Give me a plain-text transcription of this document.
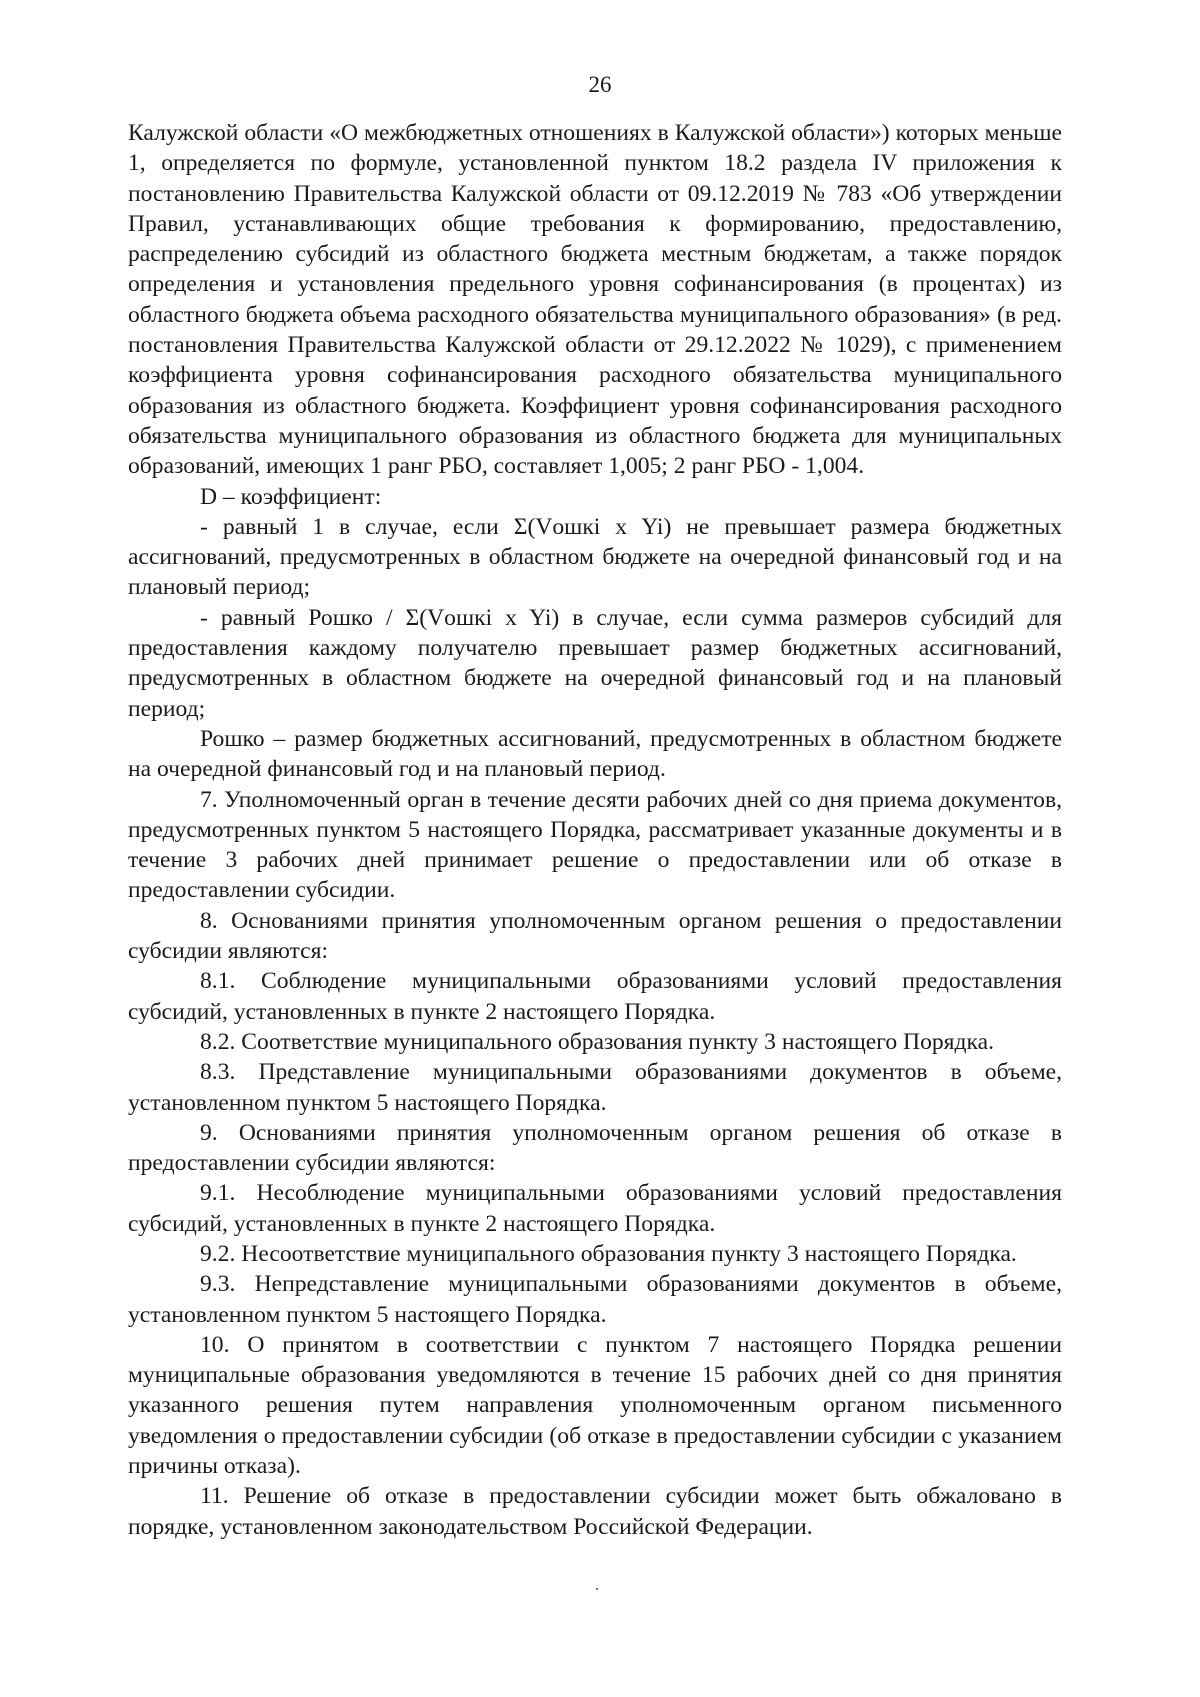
26

Калужской области «О межбюджетных отношениях в Калужской области») которых меньше 1, определяется по формуле, установленной пунктом 18.2 раздела IV приложения к постановлению Правительства Калужской области от 09.12.2019 № 783 «Об утверждении Правил, устанавливающих общие требования к формированию, предоставлению, распределению субсидий из областного бюджета местным бюджетам, а также порядок определения и установления предельного уровня софинансирования (в процентах) из областного бюджета объема расходного обязательства муниципального образования» (в ред. постановления Правительства Калужской области от 29.12.2022 № 1029), с применением коэффициента уровня софинансирования расходного обязательства муниципального образования из областного бюджета. Коэффициент уровня софинансирования расходного обязательства муниципального образования из областного бюджета для муниципальных образований, имеющих 1 ранг РБО, составляет 1,005; 2 ранг РБО - 1,004.

D – коэффициент:

- равный 1 в случае, если Σ(Vошкi x Yi) не превышает размера бюджетных ассигнований, предусмотренных в областном бюджете на очередной финансовый год и на плановый период;

- равный Рошко / Σ(Vошкi x Yi) в случае, если сумма размеров субсидий для предоставления каждому получателю превышает размер бюджетных ассигнований, предусмотренных в областном бюджете на очередной финансовый год и на плановый период;

Рошко – размер бюджетных ассигнований, предусмотренных в областном бюджете на очередной финансовый год и на плановый период.

7. Уполномоченный орган в течение десяти рабочих дней со дня приема документов, предусмотренных пунктом 5 настоящего Порядка, рассматривает указанные документы и в течение 3 рабочих дней принимает решение о предоставлении или об отказе в предоставлении субсидии.

8. Основаниями принятия уполномоченным органом решения о предоставлении субсидии являются:

8.1. Соблюдение муниципальными образованиями условий предоставления субсидий, установленных в пункте 2 настоящего Порядка.

8.2. Соответствие муниципального образования пункту 3 настоящего Порядка.

8.3. Представление муниципальными образованиями документов в объеме, установленном пунктом 5 настоящего Порядка.

9. Основаниями принятия уполномоченным органом решения об отказе в предоставлении субсидии являются:

9.1. Несоблюдение муниципальными образованиями условий предоставления субсидий, установленных в пункте 2 настоящего Порядка.

9.2. Несоответствие муниципального образования пункту 3 настоящего Порядка.

9.3. Непредставление муниципальными образованиями документов в объеме, установленном пунктом 5 настоящего Порядка.

10. О принятом в соответствии с пунктом 7 настоящего Порядка решении муниципальные образования уведомляются в течение 15 рабочих дней со дня принятия указанного решения путем направления уполномоченным органом письменного уведомления о предоставлении субсидии (об отказе в предоставлении субсидии с указанием причины отказа).

11. Решение об отказе в предоставлении субсидии может быть обжаловано в порядке, установленном законодательством Российской Федерации.
